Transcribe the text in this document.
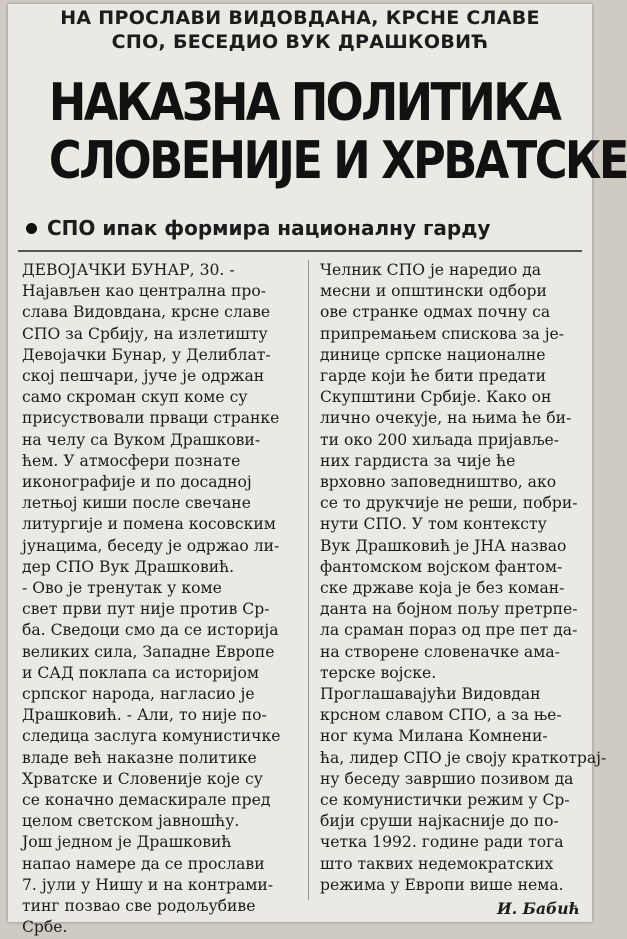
НА ПРОСЛАВИ ВИДОВДАНА, КРСНЕ СЛАВЕ
СПО, БЕСЕДИО ВУК ДРАШКОВИЋ
НАКАЗНА ПОЛИТИКА
СЛОВЕНИЈЕ И ХРВАТСКЕ
СПО ипак формира националну гарду
ДЕВОЈАЧКИ БУНАР, 30. -
Најављен као централна про-
слава Видовдана, крсне славе
СПО за Србију, на излетишту
Девојачки Бунар, у Делиблат-
ској пешчари, јуче је одржан
само скроман скуп коме су
присуствовали прваци странке
на челу са Вуком Драшкови-
ћем. У атмосфери познате
иконографије и по досадној
летњој киши после свечане
литургије и помена косовским
јунацима, беседу је одржао ли-
дер СПО Вук Драшковић.
- Ово је тренутак у коме
свет први пут није против Ср-
ба. Сведоци смо да се историја
великих сила, Западне Европе
и САД поклапа са историјом
српског народа, нагласио је
Драшковић. - Али, то није по-
следица заслуга комунистичке
владе већ наказне политике
Хрватске и Словеније које су
се коначно демаскирале пред
целом светском јавношћу.
Још једном је Драшковић
напао намере да се прослави
7. јули у Нишу и на контрами-
тинг позвао све родољубиве
Србе.
Челник СПО је наредио да
месни и општински одбори
ове странке одмах почну са
припремањем спискова за је-
динице српске националне
гарде који ће бити предати
Скупштини Србије. Како он
лично очекује, на њима ће би-
ти око 200 хиљада пријавље-
них гардиста за чије ће
врховно заповедништво, ако
се то друкчије не реши, побри-
нути СПО. У том контексту
Вук Драшковић је ЈНА назвао
фантомском војском фантом-
ске државе која је без коман-
данта на бојном пољу претрпе-
ла сраман пораз од пре пет да-
на створене словеначке ама-
терске војске.
Проглашавајући Видовдан
крсном славом СПО, а за ње-
ног кума Милана Комнени-
ћа, лидер СПО је своју краткотрај-
ну беседу завршио позивом да
се комунистички режим у Ср-
бији сруши најкасније до по-
четка 1992. године ради тога
што таквих недемократских
режима у Европи више нема.
И. Бабић
